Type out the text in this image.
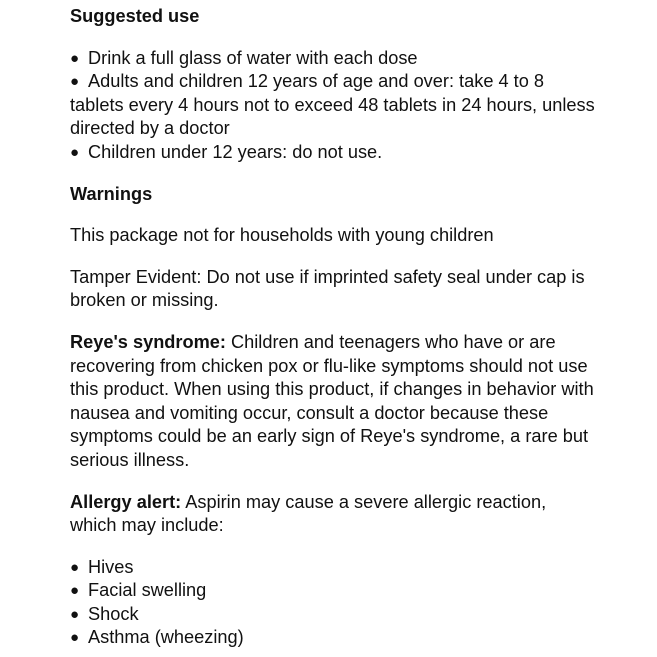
Suggested use
● Drink a full glass of water with each dose
● Adults and children 12 years of age and over: take 4 to 8 tablets every 4 hours not to exceed 48 tablets in 24 hours, unless directed by a doctor
● Children under 12 years: do not use.
Warnings

This package not for households with young children

Tamper Evident: Do not use if imprinted safety seal under cap is broken or missing.

Reye's syndrome: Children and teenagers who have or are recovering from chicken pox or flu-like symptoms should not use this product. When using this product, if changes in behavior with nausea and vomiting occur, consult a doctor because these symptoms could be an early sign of Reye's syndrome, a rare but serious illness.

Allergy alert: Aspirin may cause a severe allergic reaction, which may include:

● Hives
● Facial swelling
● Shock
● Asthma (wheezing)
